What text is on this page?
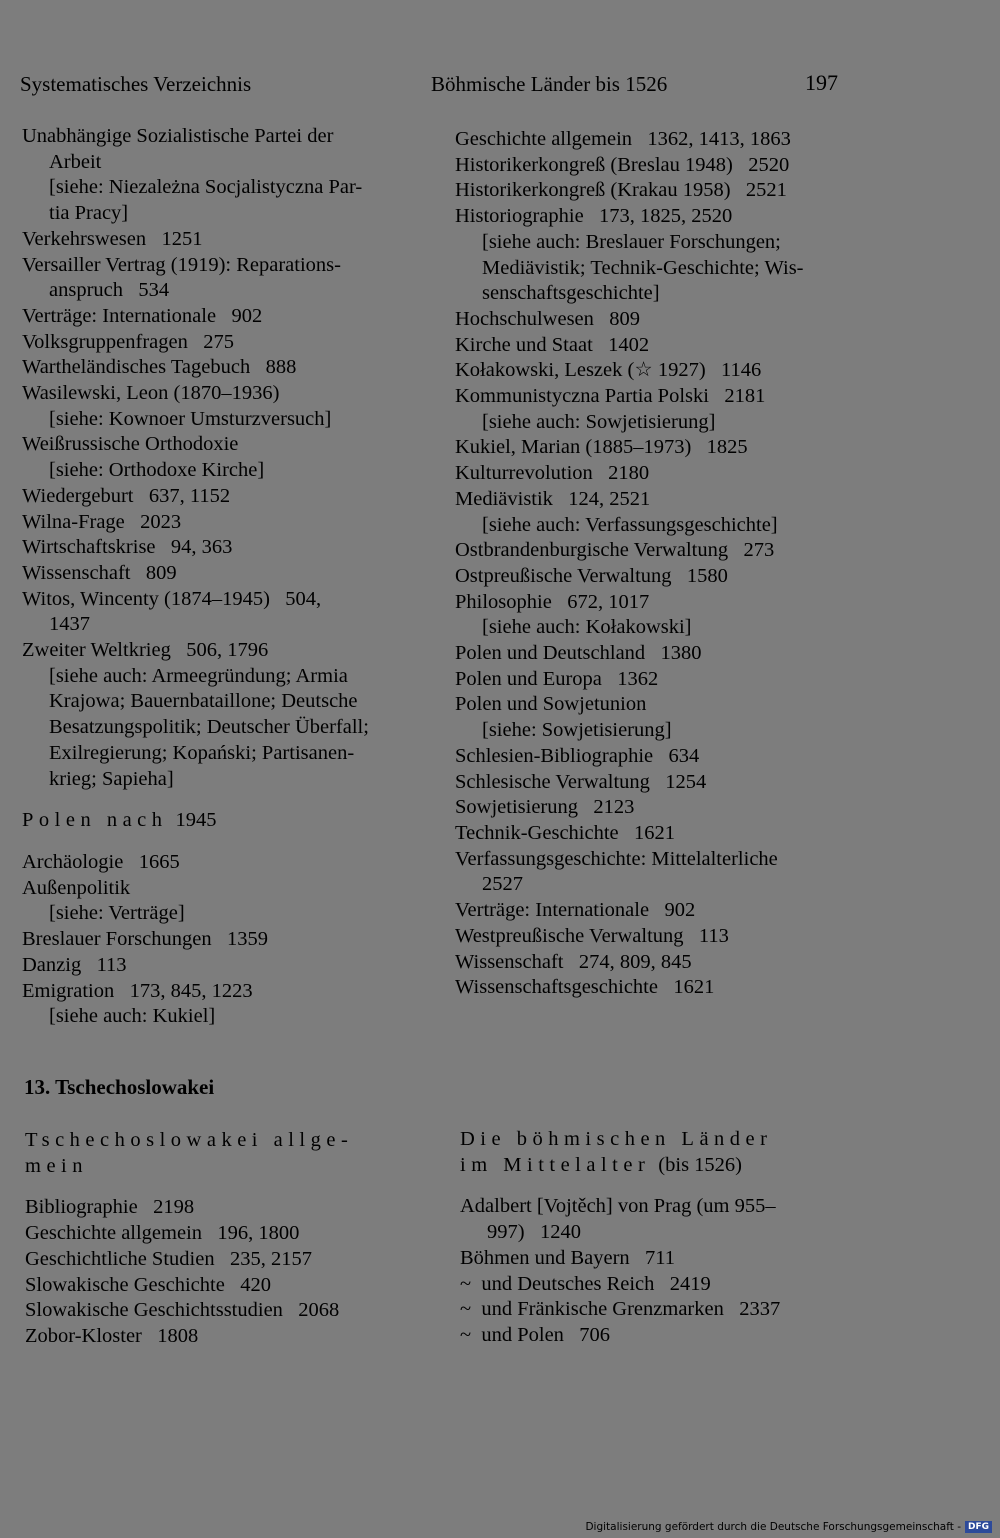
Systematisches Verzeichnis	Böhmische Länder bis 1526	197
Unabhängige Sozialistische Partei der
Arbeit
[siehe: Niezależna Socjalistyczna Par-
tia Pracy]
Verkehrswesen   1251
Versailler Vertrag (1919): Reparations-
anspruch   534
Verträge: Internationale   902
Volksgruppenfragen   275
Wartheländisches Tagebuch   888
Wasilewski, Leon (1870–1936)
[siehe: Kownoer Umsturzversuch]
Weißrussische Orthodoxie
[siehe: Orthodoxe Kirche]
Wiedergeburt   637, 1152
Wilna-Frage   2023
Wirtschaftskrise   94, 363
Wissenschaft   809
Witos, Wincenty (1874–1945)   504,
1437
Zweiter Weltkrieg   506, 1796
[siehe auch: Armeegründung; Armia
Krajowa; Bauernbataillone; Deutsche
Besatzungspolitik; Deutscher Überfall;
Exilregierung; Kopański; Partisanen-
krieg; Sapieha]
Polen nach 1945
Archäologie   1665
Außenpolitik
[siehe: Verträge]
Breslauer Forschungen   1359
Danzig   113
Emigration   173, 845, 1223
[siehe auch: Kukiel]
Geschichte allgemein   1362, 1413, 1863
Historikerkongreß (Breslau 1948)   2520
Historikerkongreß (Krakau 1958)   2521
Historiographie   173, 1825, 2520
[siehe auch: Breslauer Forschungen;
Mediävistik; Technik-Geschichte; Wis-
senschaftsgeschichte]
Hochschulwesen   809
Kirche und Staat   1402
Kołakowski, Leszek (☆ 1927)   1146
Kommunistyczna Partia Polski   2181
[siehe auch: Sowjetisierung]
Kukiel, Marian (1885–1973)   1825
Kulturrevolution   2180
Mediävistik   124, 2521
[siehe auch: Verfassungsgeschichte]
Ostbrandenburgische Verwaltung   273
Ostpreußische Verwaltung   1580
Philosophie   672, 1017
[siehe auch: Kołakowski]
Polen und Deutschland   1380
Polen und Europa   1362
Polen und Sowjetunion
[siehe: Sowjetisierung]
Schlesien-Bibliographie   634
Schlesische Verwaltung   1254
Sowjetisierung   2123
Technik-Geschichte   1621
Verfassungsgeschichte: Mittelalterliche
2527
Verträge: Internationale   902
Westpreußische Verwaltung   113
Wissenschaft   274, 809, 845
Wissenschaftsgeschichte   1621
13. Tschechoslowakei
Tschechoslowakei allge-
mein
Bibliographie   2198
Geschichte allgemein   196, 1800
Geschichtliche Studien   235, 2157
Slowakische Geschichte   420
Slowakische Geschichtsstudien   2068
Zobor-Kloster   1808
Die böhmischen Länder
im Mittelalter (bis 1526)
Adalbert [Vojtěch] von Prag (um 955–
997)   1240
Böhmen und Bayern   711
~  und Deutsches Reich   2419
~  und Fränkische Grenzmarken   2337
~  und Polen   706
Digitalisierung gefördert durch die Deutsche Forschungsgemeinschaft - DFG
